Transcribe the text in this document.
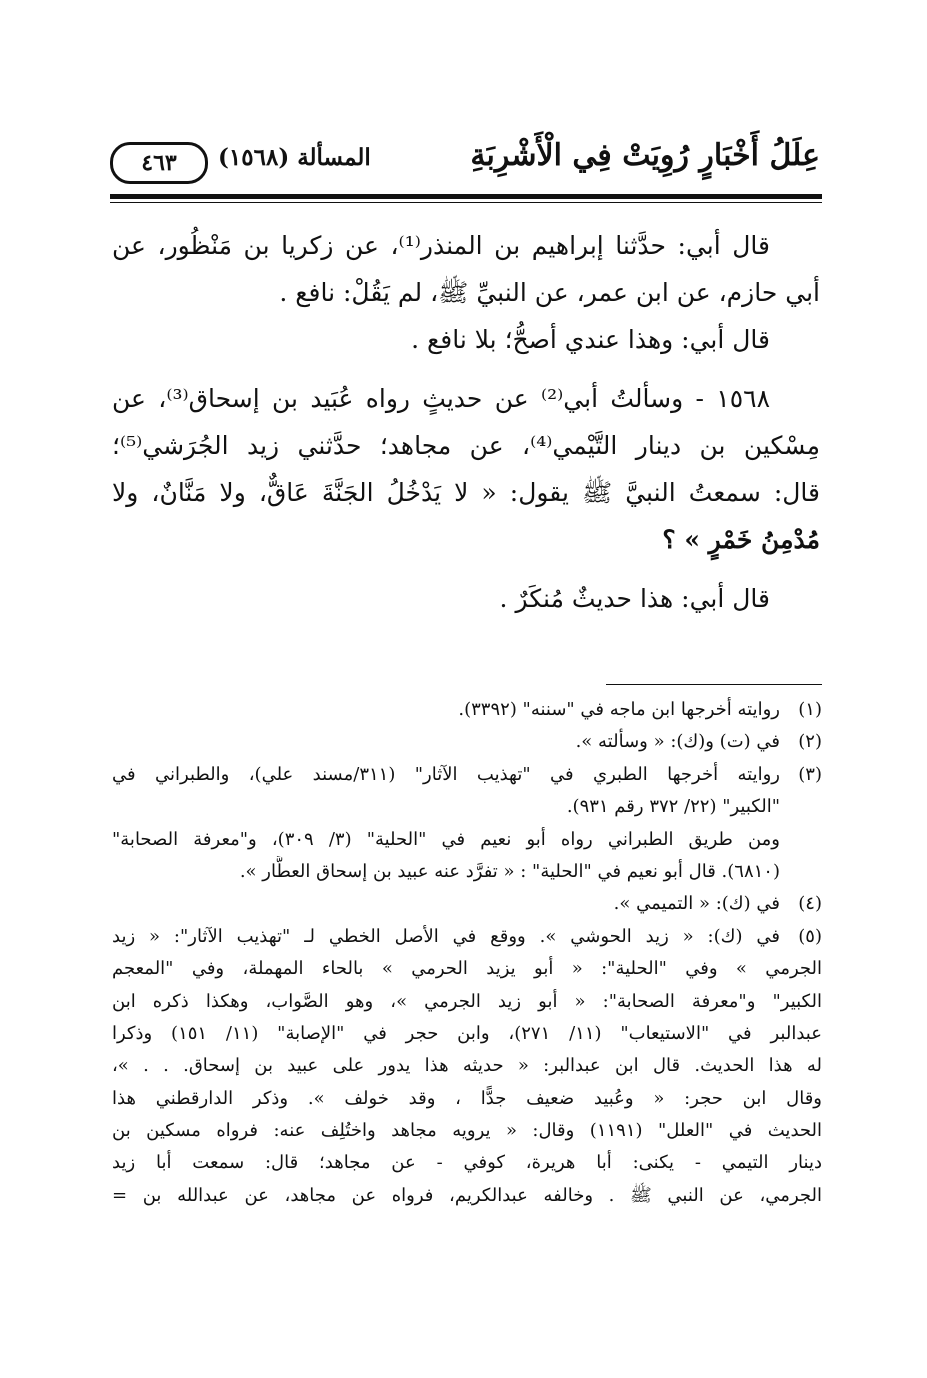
عِلَلُ أَخْبَارٍ رُوِيَتْ فِي الْأَشْرِبَةِ
المسألة (١٥٦٨)
٤٦٣
قال أبي: حدَّثنا إبراهيم بن المنذر⁽¹⁾، عن زكريا بن مَنْظُور، عن
أبي حازم، عن ابن عمر، عن النبيِّ ﷺ، لم يَقُلْ: نافع .
قال أبي: وهذا عندي أصحُّ؛ بلا نافع .
١٥٦٨ - وسألتُ أبي⁽²⁾ عن حديثٍ رواه عُبَيد بن إسحاق⁽³⁾، عن
مِسْكين بن دينار التَّيْمي⁽⁴⁾، عن مجاهد؛ حدَّثني زيد الجُرَشي⁽⁵⁾؛
قال: سمعتُ النبيَّ ﷺ يقول: « لا يَدْخُلُ الجَنَّةَ عَاقٌّ، ولا مَنَّانٌ، ولا
مُدْمِنُ خَمْرٍ » ؟
قال أبي: هذا حديثٌ مُنكَرٌ .
(١)روايته أخرجها ابن ماجه في "سننه" (٣٣٩٢).
(٢)في (ت) و(ك): « وسألته ».
(٣)روايته أخرجها الطبري في "تهذيب الآثار" (٣١١/مسند علي)، والطبراني في
"الكبير" (٢٢/ ٣٧٢ رقم ٩٣١).
ومن طريق الطبراني رواه أبو نعيم في "الحلية" (٣/ ٣٠٩)، و"معرفة الصحابة"
(٦٨١٠). قال أبو نعيم في "الحلية" : « تفرَّد عنه عبيد بن إسحاق العطَّار ».
(٤)في (ك): « التميمي ».
(٥)في (ك): « زيد الحوشي ». ووقع في الأصل الخطي لـ "تهذيب الآثار": « زيد
الجرمي » وفي "الحلية": « أبو يزيد الحرمي » بالحاء المهملة، وفي "المعجم
الكبير" و"معرفة الصحابة": « أبو زيد الجرمي »، وهو الصَّواب، وهكذا ذكره ابن
عبدالبر في "الاستيعاب" (١١/ ٢٧١)، وابن حجر في "الإصابة" (١١/ ١٥١) وذكرا
له هذا الحديث. قال ابن عبدالبر: « حديثه هذا يدور على عبيد بن إسحاق. . . »،
وقال ابن حجر: « وعُبيد ضعيف جدًّا ، وقد خولف ». وذكر الدارقطني هذا
الحديث في "العلل" (١١٩١) وقال: « يرويه مجاهد واختُلِف عنه: فرواه مسكين بن
دينار التيمي - يكنى: أبا هريرة، كوفي - عن مجاهد؛ قال: سمعت أبا زيد
الجرمي، عن النبي ﷺ . وخالفه عبدالكريم، فرواه عن مجاهد، عن عبدالله بن =
